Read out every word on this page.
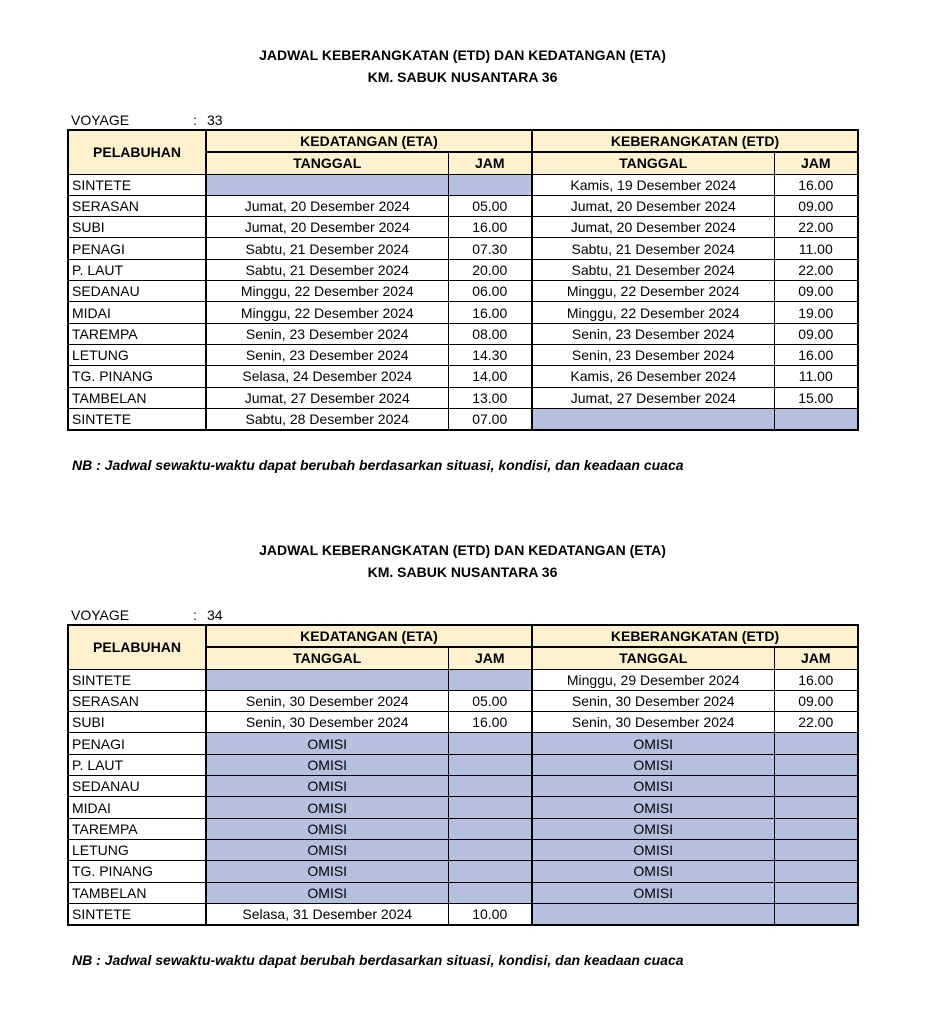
JADWAL KEBERANGKATAN (ETD) DAN KEDATANGAN (ETA)
KM. SABUK NUSANTARA 36
VOYAGE	: 33
PELABUHAN	KEDATANGAN (ETA)		KEBERANGKATAN (ETD)	
	TANGGAL	JAM	TANGGAL	JAM
SINTETE			Kamis, 19 Desember 2024	16.00
SERASAN	Jumat, 20 Desember 2024	05.00	Jumat, 20 Desember 2024	09.00
SUBI	Jumat, 20 Desember 2024	16.00	Jumat, 20 Desember 2024	22.00
PENAGI	Sabtu, 21 Desember 2024	07.30	Sabtu, 21 Desember 2024	11.00
P. LAUT	Sabtu, 21 Desember 2024	20.00	Sabtu, 21 Desember 2024	22.00
SEDANAU	Minggu, 22 Desember 2024	06.00	Minggu, 22 Desember 2024	09.00
MIDAI	Minggu, 22 Desember 2024	16.00	Minggu, 22 Desember 2024	19.00
TAREMPA	Senin, 23 Desember 2024	08.00	Senin, 23 Desember 2024	09.00
LETUNG	Senin, 23 Desember 2024	14.30	Senin, 23 Desember 2024	16.00
TG. PINANG	Selasa, 24 Desember 2024	14.00	Kamis, 26 Desember 2024	11.00
TAMBELAN	Jumat, 27 Desember 2024	13.00	Jumat, 27 Desember 2024	15.00
SINTETE	Sabtu, 28 Desember 2024	07.00		
NB : Jadwal sewaktu-waktu dapat berubah berdasarkan situasi, kondisi, dan keadaan cuaca
JADWAL KEBERANGKATAN (ETD) DAN KEDATANGAN (ETA)
KM. SABUK NUSANTARA 36
VOYAGE	: 34
PELABUHAN	KEDATANGAN (ETA)		KEBERANGKATAN (ETD)	
	TANGGAL	JAM	TANGGAL	JAM
SINTETE			Minggu, 29 Desember 2024	16.00
SERASAN	Senin, 30 Desember 2024	05.00	Senin, 30 Desember 2024	09.00
SUBI	Senin, 30 Desember 2024	16.00	Senin, 30 Desember 2024	22.00
PENAGI	OMISI		OMISI	
P. LAUT	OMISI		OMISI	
SEDANAU	OMISI		OMISI	
MIDAI	OMISI		OMISI	
TAREMPA	OMISI		OMISI	
LETUNG	OMISI		OMISI	
TG. PINANG	OMISI		OMISI	
TAMBELAN	OMISI		OMISI	
SINTETE	Selasa, 31 Desember 2024	10.00		
NB : Jadwal sewaktu-waktu dapat berubah berdasarkan situasi, kondisi, dan keadaan cuaca
